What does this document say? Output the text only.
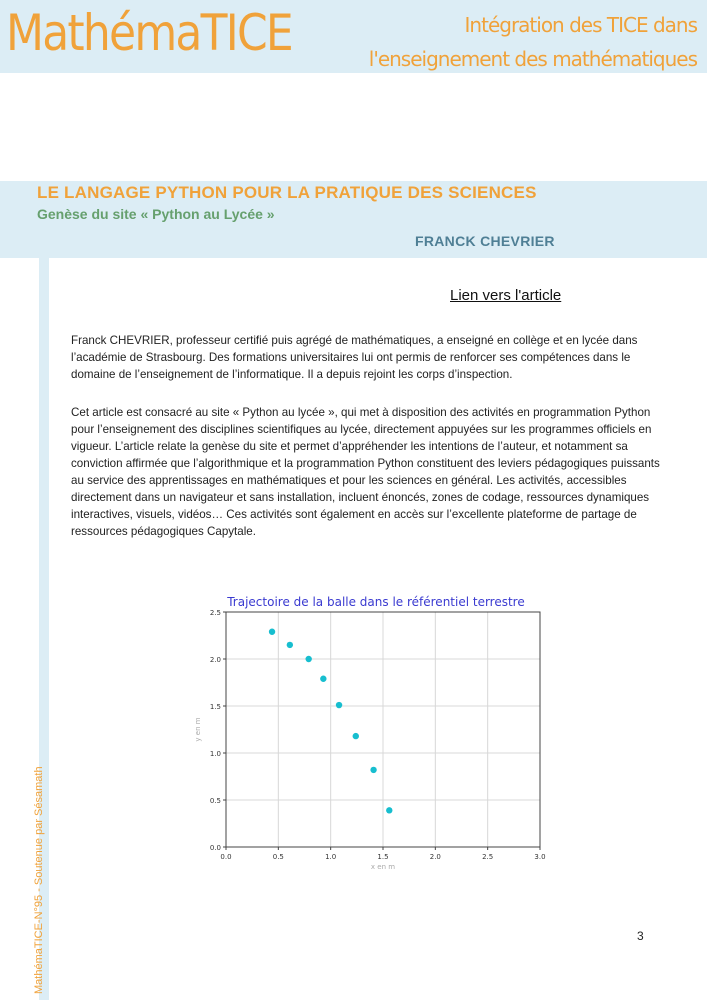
MathémaTICE	Intégration des TICE dans
l'enseignement des mathématiques
LE LANGAGE PYTHON POUR LA PRATIQUE DES SCIENCES
Genèse du site « Python au Lycée »
FRANCK CHEVRIER
MathémaTICE-N°95 - Soutenue par Sésamath
Lien vers l'article

Franck CHEVRIER, professeur certifié puis agrégé de mathématiques, a enseigné en collège et en lycée dans l’académie de Strasbourg. Des formations universitaires lui ont permis de renforcer ses compétences dans le domaine de l’enseignement de l’informatique. Il a depuis rejoint les corps d’inspection.

Cet article est consacré au site « Python au lycée », qui met à disposition des activités en programmation Python pour l’enseignement des disciplines scientifiques au lycée, directement appuyées sur les programmes officiels en vigueur. L’article relate la genèse du site et permet d’appréhender les intentions de l’auteur, et notamment sa conviction affirmée que l’algorithmique et la programmation Python constituent des leviers pédagogiques puissants au service des apprentissages en mathématiques et pour les sciences en général. Les activités, accessibles directement dans un navigateur et sans installation, incluent énoncés, zones de codage, ressources dynamiques interactives, visuels, vidéos… Ces activités sont également en accès sur l’excellente plateforme de partage de ressources pédagogiques Capytale.

Trajectoire de la balle dans le référentiel terrestre
0.0	0.5	1.0	1.5	2.0	2.5	3.0
0.0
0.5
1.0
1.5
2.0
2.5
x en m
y en m
3
